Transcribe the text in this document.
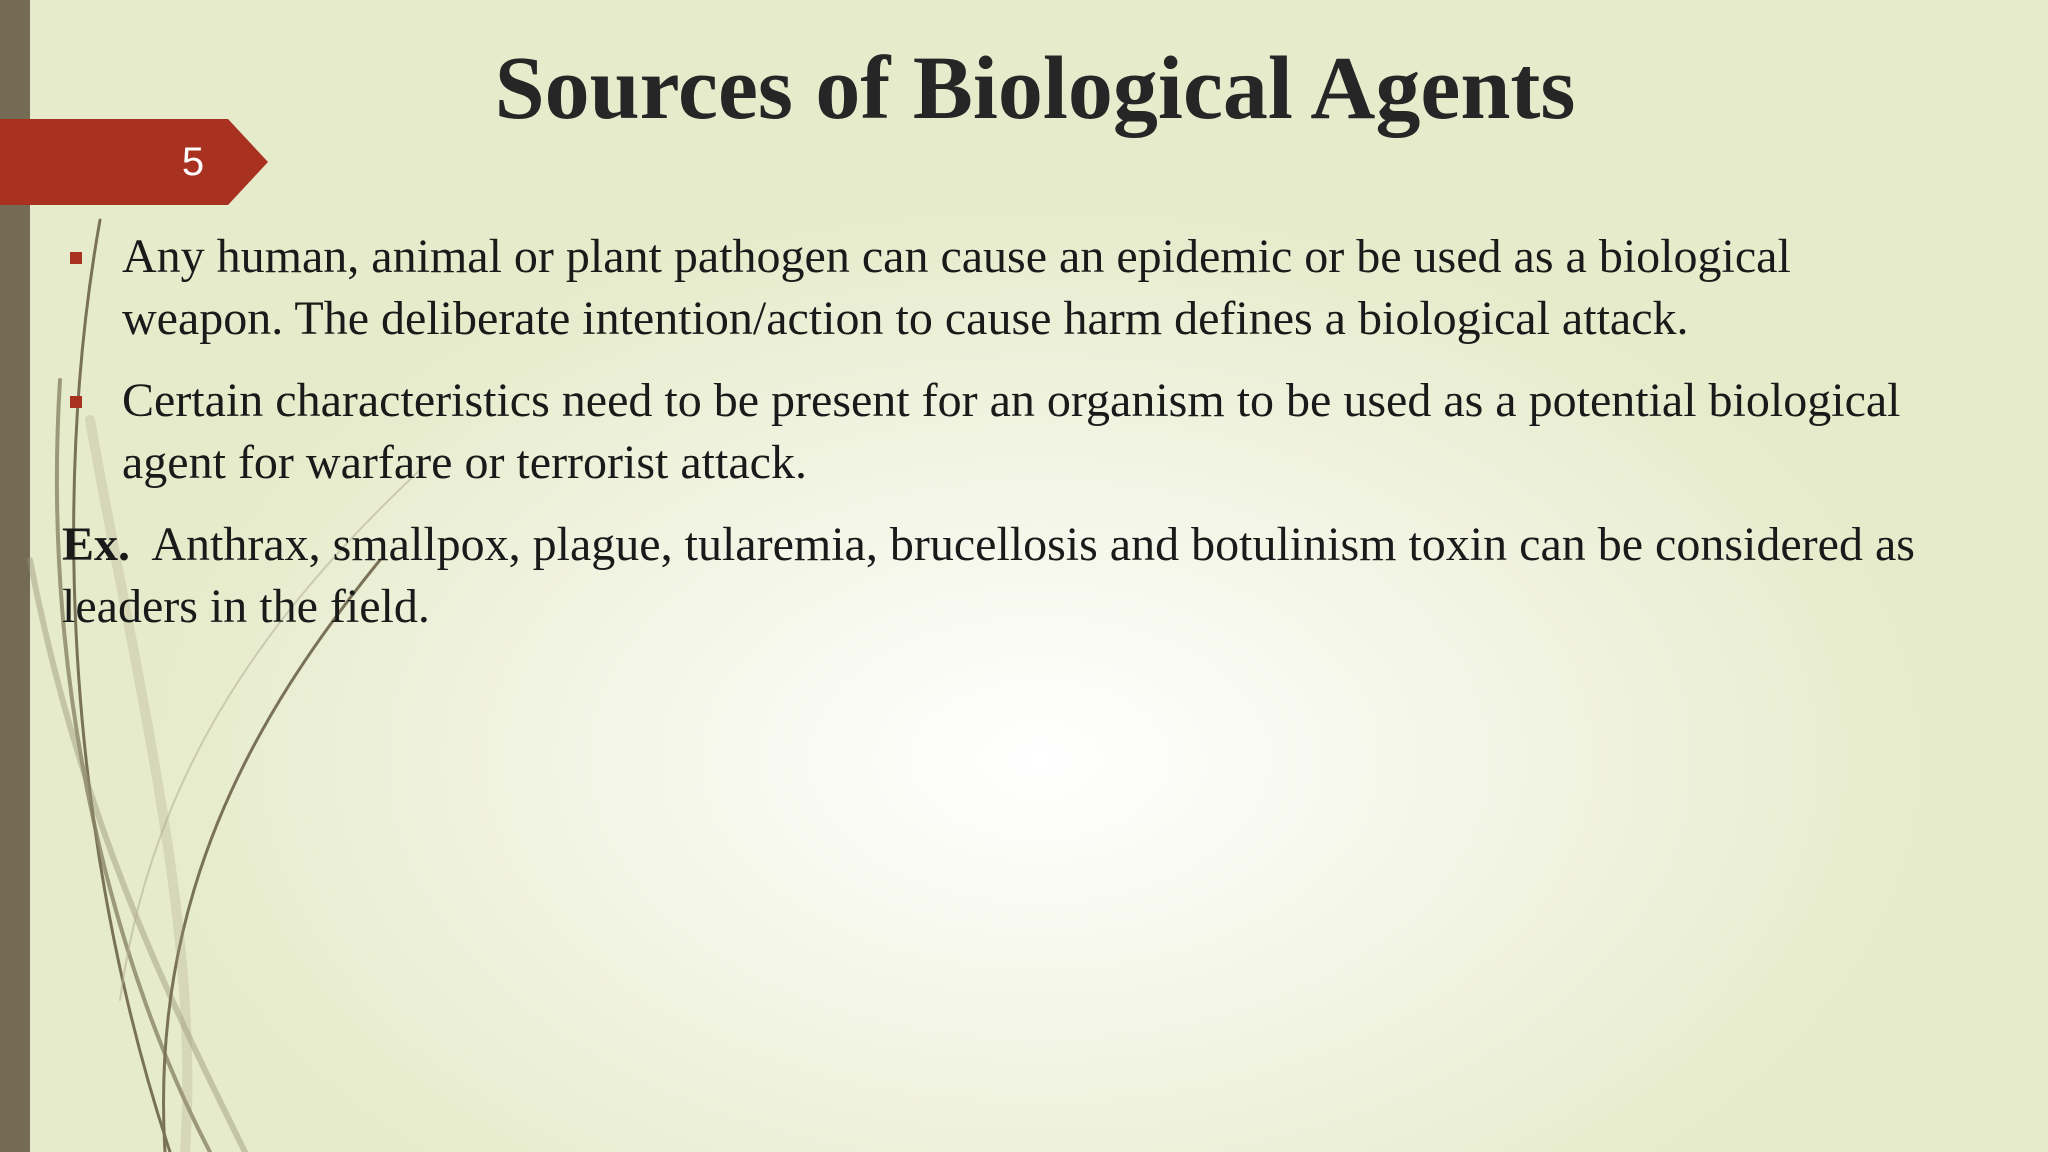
5
Sources of Biological Agents
Any human, animal or plant pathogen can cause an epidemic or be used as a biological weapon. The deliberate intention/action to cause harm defines a biological attack.
Certain characteristics need to be present for an organism to be used as a potential biological agent for warfare or terrorist attack.
Ex. Anthrax, smallpox, plague, tularemia, brucellosis and botulinism toxin can be considered as leaders in the field.
